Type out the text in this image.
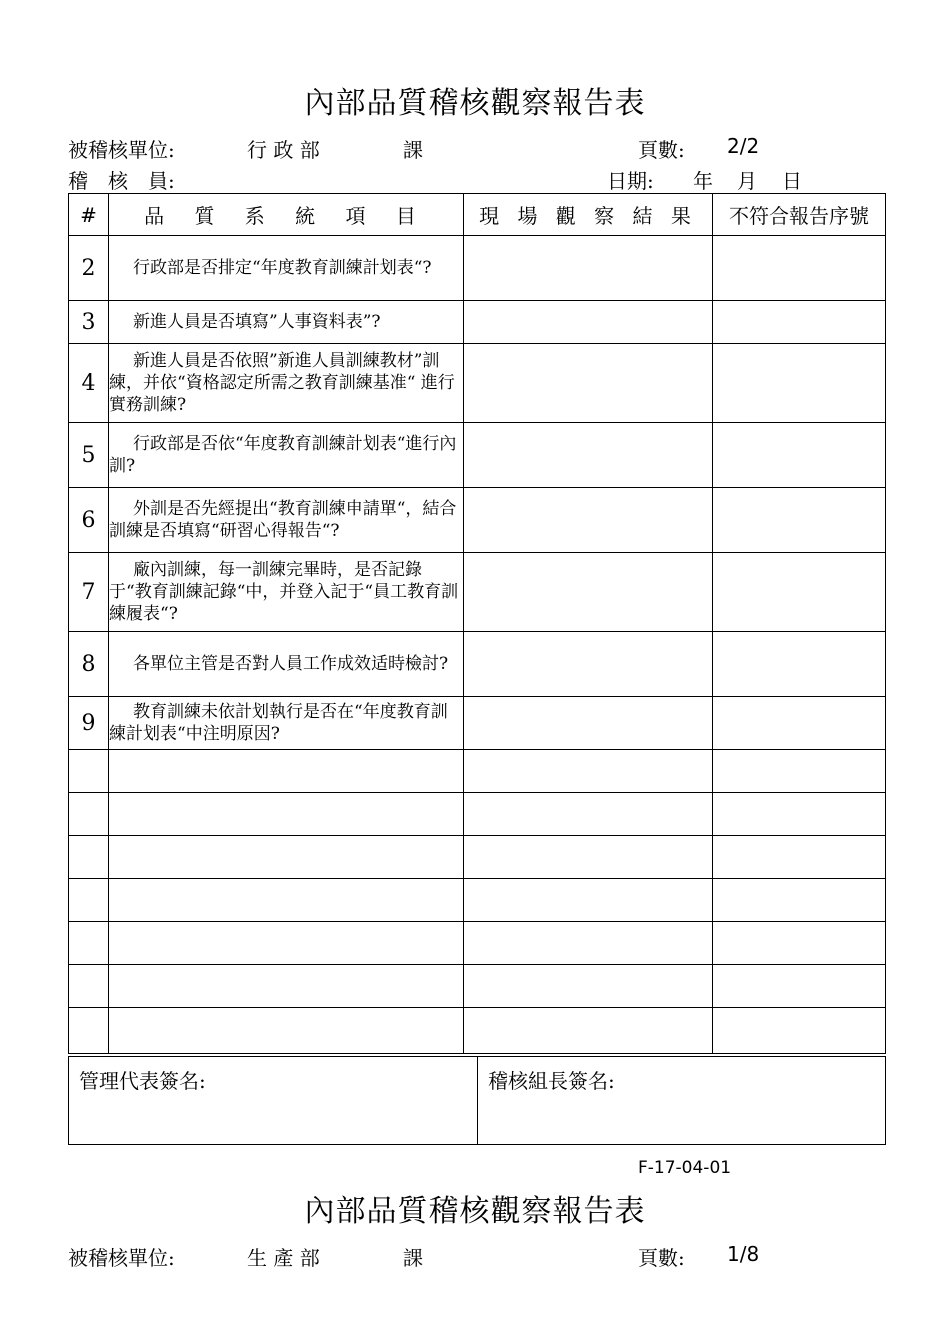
內部品質稽核觀察報告表
被稽核單位:	行 政 部	課	頁數: 2/2
稽　核　員:	日期: 年 月 日
#	品 質 系 統 項 目	現 場 觀 察 結 果	不符合報告序號
2	行政部是否排定“年度教育訓練計划表“?		
3	新進人員是否填寫”人事資料表”?		
4	新進人員是否依照”新進人員訓練教材”訓練，并依“資格認定所需之教育訓練基准“ 進行實務訓練?		
5	行政部是否依“年度教育訓練計划表“進行內訓?		
6	外訓是否先經提出“教育訓練申請單“，結合訓練是否填寫“研習心得報告“?		
7	廠內訓練，每一訓練完畢時，是否記錄于“教育訓練記錄“中，并登入記于“員工教育訓練履表“?		
8	各單位主管是否對人員工作成效适時檢討?		
9	教育訓練未依計划執行是否在“年度教育訓練計划表“中注明原因?		

管理代表簽名:	稽核組長簽名:
F-17-04-01
內部品質稽核觀察報告表
被稽核單位:	生 產 部	課	頁數: 1/8
